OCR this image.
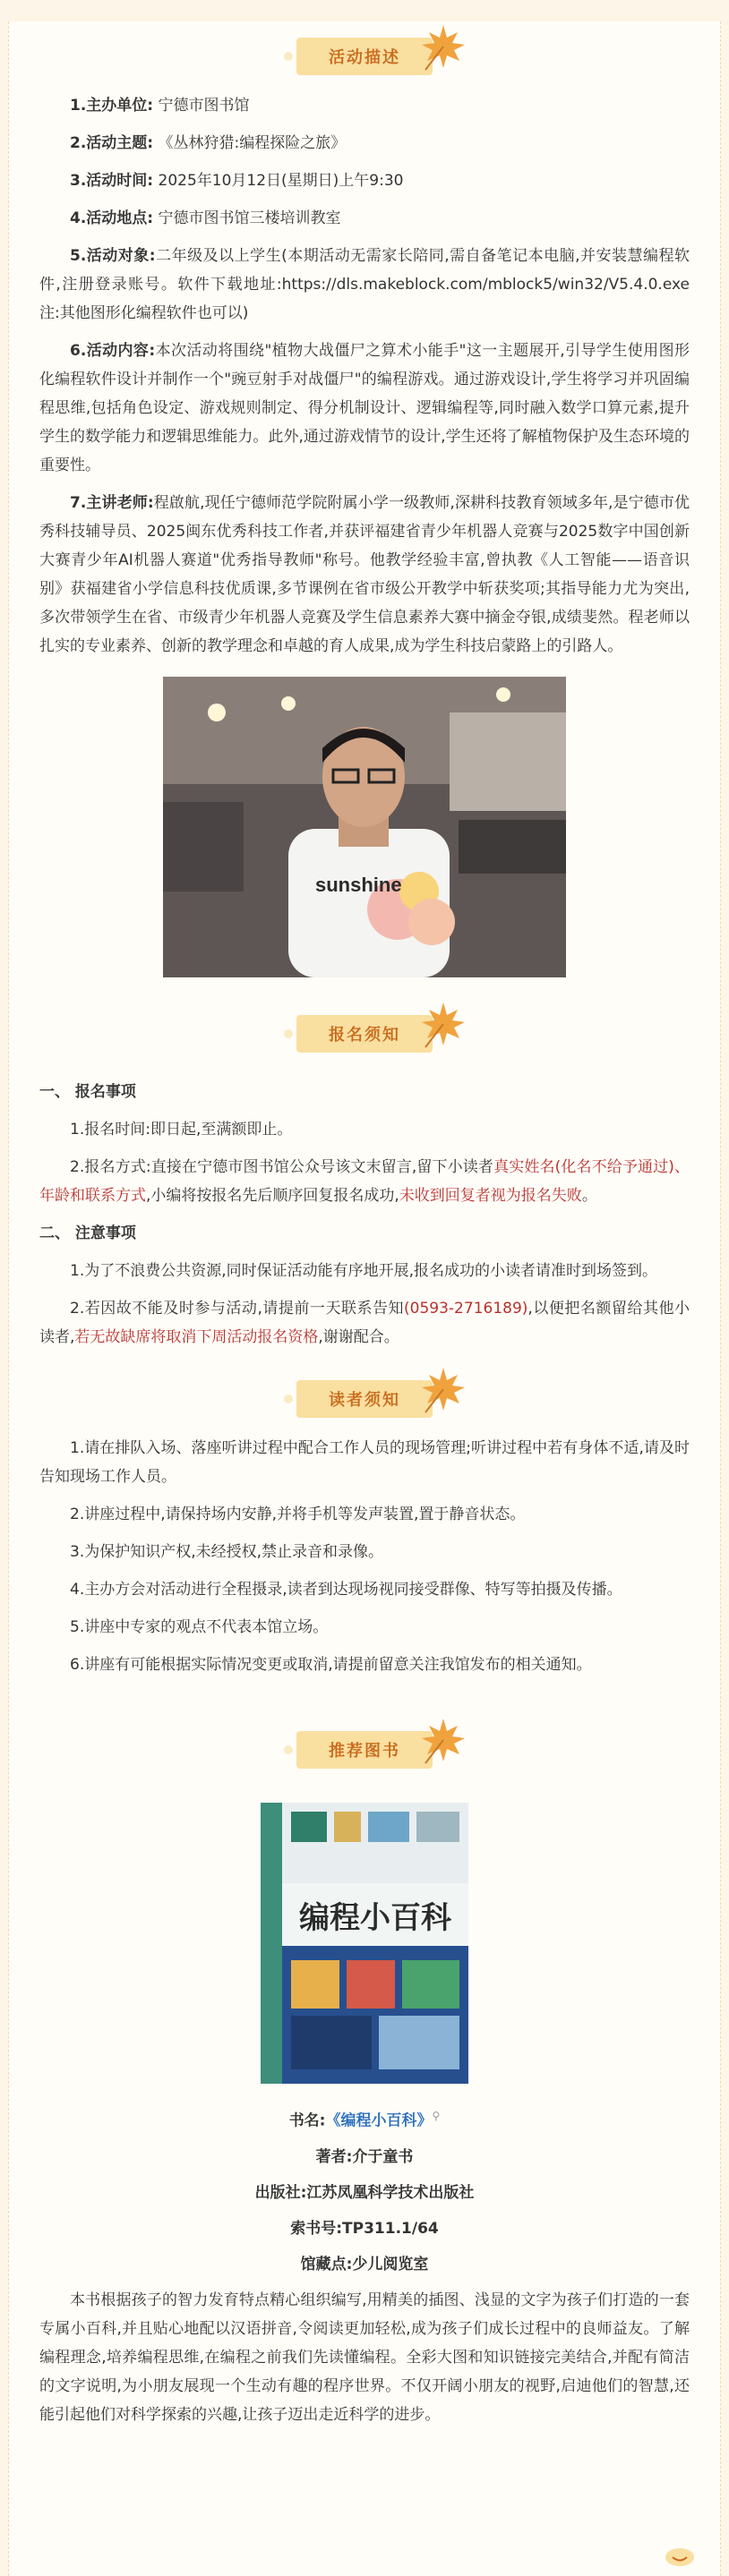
活动描述

1.主办单位: 宁德市图书馆

2.活动主题: 《丛林狩猎:编程探险之旅》

3.活动时间: 2025年10月12日(星期日)上午9:30

4.活动地点: 宁德市图书馆三楼培训教室

5.活动对象:二年级及以上学生(本期活动无需家长陪同,需自备笔记本电脑,并安装慧编程软件,注册登录账号。软件下载地址:https://dls.makeblock.com/mblock5/win32/V5.4.0.exe注:其他图形化编程软件也可以)

6.活动内容:本次活动将围绕"植物大战僵尸之算术小能手"这一主题展开,引导学生使用图形化编程软件设计并制作一个"豌豆射手对战僵尸"的编程游戏。通过游戏设计,学生将学习并巩固编程思维,包括角色设定、游戏规则制定、得分机制设计、逻辑编程等,同时融入数学口算元素,提升学生的数学能力和逻辑思维能力。此外,通过游戏情节的设计,学生还将了解植物保护及生态环境的重要性。

7.主讲老师:程啟航,现任宁德师范学院附属小学一级教师,深耕科技教育领域多年,是宁德市优秀科技辅导员、2025闽东优秀科技工作者,并获评福建省青少年机器人竞赛与2025数字中国创新大赛青少年AI机器人赛道"优秀指导教师"称号。他教学经验丰富,曾执教《人工智能——语音识别》获福建省小学信息科技优质课,多节课例在省市级公开教学中斩获奖项;其指导能力尤为突出,多次带领学生在省、市级青少年机器人竞赛及学生信息素养大赛中摘金夺银,成绩斐然。程老师以扎实的专业素养、创新的教学理念和卓越的育人成果,成为学生科技启蒙路上的引路人。

sunshine
报名须知
一、 报名事项

1.报名时间:即日起,至满额即止。

2.报名方式:直接在宁德市图书馆公众号该文末留言,留下小读者真实姓名(化名不给予通过)、年龄和联系方式,小编将按报名先后顺序回复报名成功,未收到回复者视为报名失败。

二、 注意事项

1.为了不浪费公共资源,同时保证活动能有序地开展,报名成功的小读者请准时到场签到。

2.若因故不能及时参与活动,请提前一天联系告知(0593-2716189),以便把名额留给其他小读者,若无故缺席将取消下周活动报名资格,谢谢配合。

读者须知

1.请在排队入场、落座听讲过程中配合工作人员的现场管理;听讲过程中若有身体不适,请及时告知现场工作人员。

2.讲座过程中,请保持场内安静,并将手机等发声装置,置于静音状态。

3.为保护知识产权,未经授权,禁止录音和录像。

4.主办方会对活动进行全程摄录,读者到达现场视同接受群像、特写等拍摄及传播。

5.讲座中专家的观点不代表本馆立场。

6.讲座有可能根据实际情况变更或取消,请提前留意关注我馆发布的相关通知。

推荐图书
编程小百科

书名:《编程小百科》⚲

著者:介于童书

出版社:江苏凤凰科学技术出版社

索书号:TP311.1/64

馆藏点:少儿阅览室

本书根据孩子的智力发育特点精心组织编写,用精美的插图、浅显的文字为孩子们打造的一套专属小百科,并且贴心地配以汉语拼音,令阅读更加轻松,成为孩子们成长过程中的良师益友。了解编程理念,培养编程思维,在编程之前我们先读懂编程。全彩大图和知识链接完美结合,并配有简洁的文字说明,为小朋友展现一个生动有趣的程序世界。不仅开阔小朋友的视野,启迪他们的智慧,还能引起他们对科学探索的兴趣,让孩子迈出走近科学的进步。
